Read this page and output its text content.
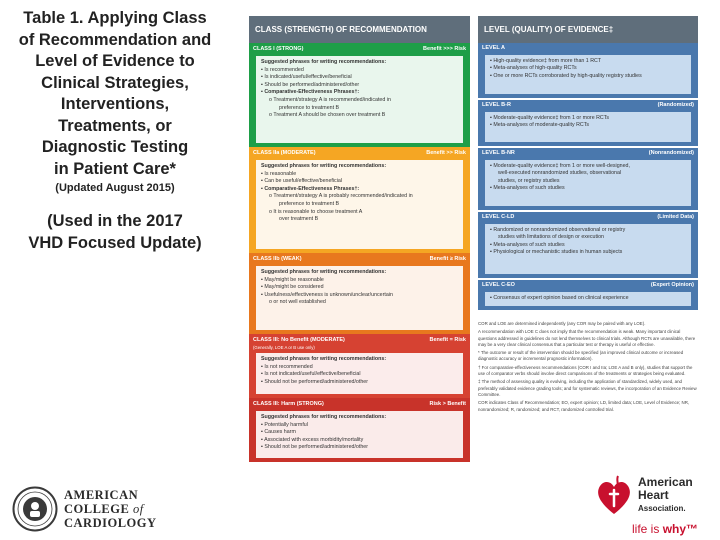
Table 1. Applying Class
of Recommendation and
Level of Evidence to
Clinical Strategies,
Interventions,
Treatments, or
Diagnostic Testing
in Patient Care*
(Updated August 2015)
(Used in the 2017
VHD Focused Update)
CLASS (STRENGTH) OF RECOMMENDATION	LEVEL (QUALITY) OF EVIDENCE‡
CLASS I (STRONG)	Benefit >>> Risk
Suggested phrases for writing recommendations:
▪ Is recommended
▪ Is indicated/useful/effective/beneficial
▪ Should be performed/administered/other
▪ Comparative-Effectiveness Phrases†:
o Treatment/strategy A is recommended/indicated in
preference to treatment B
o Treatment A should be chosen over treatment B
CLASS IIa (MODERATE)	Benefit >> Risk
Suggested phrases for writing recommendations:
▪ Is reasonable
▪ Can be useful/effective/beneficial
▪ Comparative-Effectiveness Phrases†:
o Treatment/strategy A is probably recommended/indicated in
preference to treatment B
o It is reasonable to choose treatment A
over treatment B
CLASS IIb (WEAK)	Benefit ≥ Risk
Suggested phrases for writing recommendations:
▪ May/might be reasonable
▪ May/might be considered
▪ Usefulness/effectiveness is unknown/unclear/uncertain
o or not well established
CLASS III: No Benefit (MODERATE)	Benefit = Risk
(Generally, LOE A or B use only)
Suggested phrases for writing recommendations:
▪ Is not recommended
▪ Is not indicated/useful/effective/beneficial
▪ Should not be performed/administered/other
CLASS III: Harm (STRONG)	Risk > Benefit
Suggested phrases for writing recommendations:
▪ Potentially harmful
▪ Causes harm
▪ Associated with excess morbidity/mortality
▪ Should not be performed/administered/other
LEVEL A
▪ High-quality evidence‡ from more than 1 RCT
▪ Meta-analyses of high-quality RCTs
▪ One or more RCTs corroborated by high-quality registry studies
LEVEL B-R	(Randomized)
▪ Moderate-quality evidence‡ from 1 or more RCTs
▪ Meta-analyses of moderate-quality RCTs
LEVEL B-NR	(Nonrandomized)
▪ Moderate-quality evidence‡ from 1 or more well-designed,
well-executed nonrandomized studies, observational
studies, or registry studies
▪ Meta-analyses of such studies
LEVEL C-LD	(Limited Data)
▪ Randomized or nonrandomized observational or registry
studies with limitations of design or execution
▪ Meta-analyses of such studies
▪ Physiological or mechanistic studies in human subjects
LEVEL C-EO	(Expert Opinion)
▪ Consensus of expert opinion based on clinical experience

COR and LOE are determined independently (any COR may be paired with any LOE).

A recommendation with LOE C does not imply that the recommendation is weak. Many important clinical questions addressed in guidelines do not lend themselves to clinical trials. Although RCTs are unavailable, there may be a very clear clinical consensus that a particular test or therapy is useful or effective.

* The outcome or result of the intervention should be specified (an improved clinical outcome or increased diagnostic accuracy or incremental prognostic information).

† For comparative-effectiveness recommendations (COR I and IIa; LOE A and B only), studies that support the use of comparator verbs should involve direct comparisons of the treatments or strategies being evaluated.

‡ The method of assessing quality is evolving, including the application of standardized, widely used, and preferably validated evidence grading tools; and for systematic reviews, the incorporation of an Evidence Review Committee.

COR indicates Class of Recommendation; EO, expert opinion; LD, limited data; LOE, Level of Evidence; NR, nonrandomized; R, randomized; and RCT, randomized controlled trial.

AMERICAN
COLLEGE of
CARDIOLOGY
American
Heart
Association.
life is why™
